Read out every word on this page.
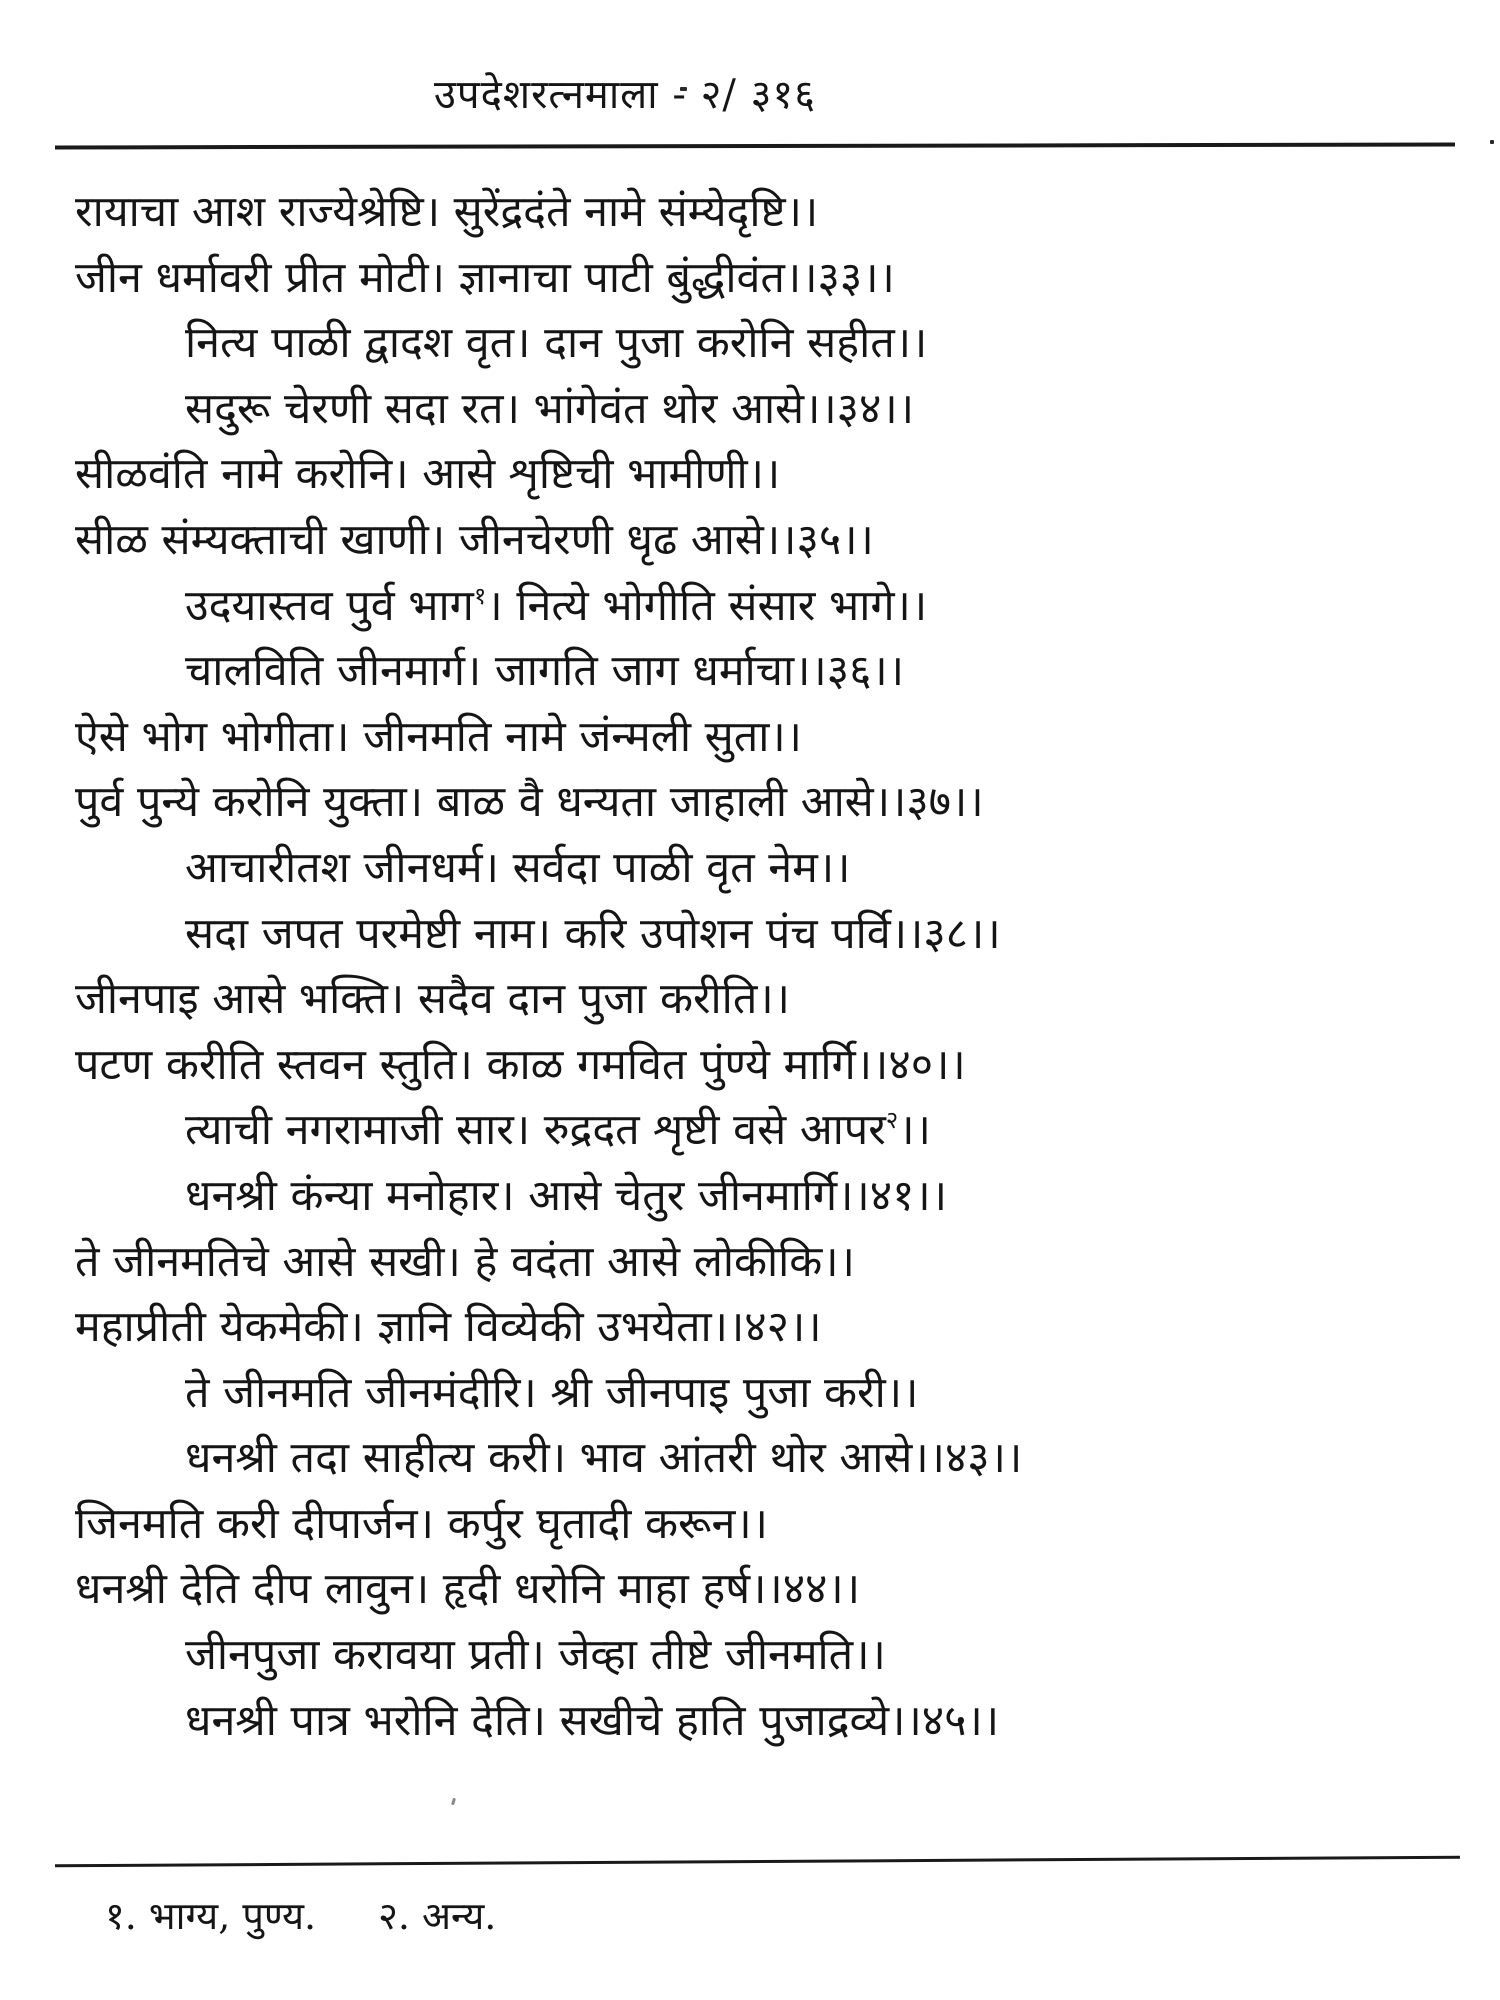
उपदेशरत्नमाला - २/ ३१६
रायाचा आश राज्येश्रेष्टि। सुरेंद्रदंते नामे संम्येदृष्टि।।
जीन धर्मावरी प्रीत मोटी। ज्ञानाचा पाटी बुंद्धीवंत।।३३।।
नित्य पाळी द्वादश वृत। दान पुजा करोनि सहीत।।
सदुरू चेरणी सदा रत। भांगेवंत थोर आसे।।३४।।
सीळवंति नामे करोनि। आसे शृष्टिची भामीणी।।
सीळ संम्यक्ताची खाणी। जीनचेरणी धृढ आसे।।३५।।
उदयास्तव पुर्व भाग$^१$। नित्ये भोगीति संसार भागे।।
चालविति जीनमार्ग। जागति जाग धर्माचा।।३६।।
ऐसे भोग भोगीता। जीनमति नामे जंन्मली सुता।।
पुर्व पुन्ये करोनि युक्ता। बाळ वै धन्यता जाहाली आसे।।३७।।
आचारीतश जीनधर्म। सर्वदा पाळी वृत नेम।।
सदा जपत परमेष्टी नाम। करि उपोशन पंच पर्वि।।३८।।
जीनपाइ आसे भक्ति। सदैव दान पुजा करीति।।
पटण करीति स्तवन स्तुति। काळ गमवित पुंण्ये मार्गि।।४०।।
त्याची नगरामाजी सार। रुद्रदत शृष्टी वसे आपर$^२$।।
धनश्री कंन्या मनोहार। आसे चेतुर जीनमार्गि।।४१।।
ते जीनमतिचे आसे सखी। हे वदंता आसे लोकीकि।।
महाप्रीती येकमेकी। ज्ञानि विव्येकी उभयेता।।४२।।
ते जीनमति जीनमंदीरि। श्री जीनपाइ पुजा करी।।
धनश्री तदा साहीत्य करी। भाव आंतरी थोर आसे।।४३।।
जिनमति करी दीपार्जन। कर्पुर घृतादी करून।।
धनश्री देति दीप लावुन। हृदी धरोनि माहा हर्ष।।४४।।
जीनपुजा करावया प्रती। जेव्हा तीष्टे जीनमति।।
धनश्री पात्र भरोनि देति। सखीचे हाति पुजाद्रव्ये।।४५।।
१. भाग्य, पुण्य. २. अन्य.
